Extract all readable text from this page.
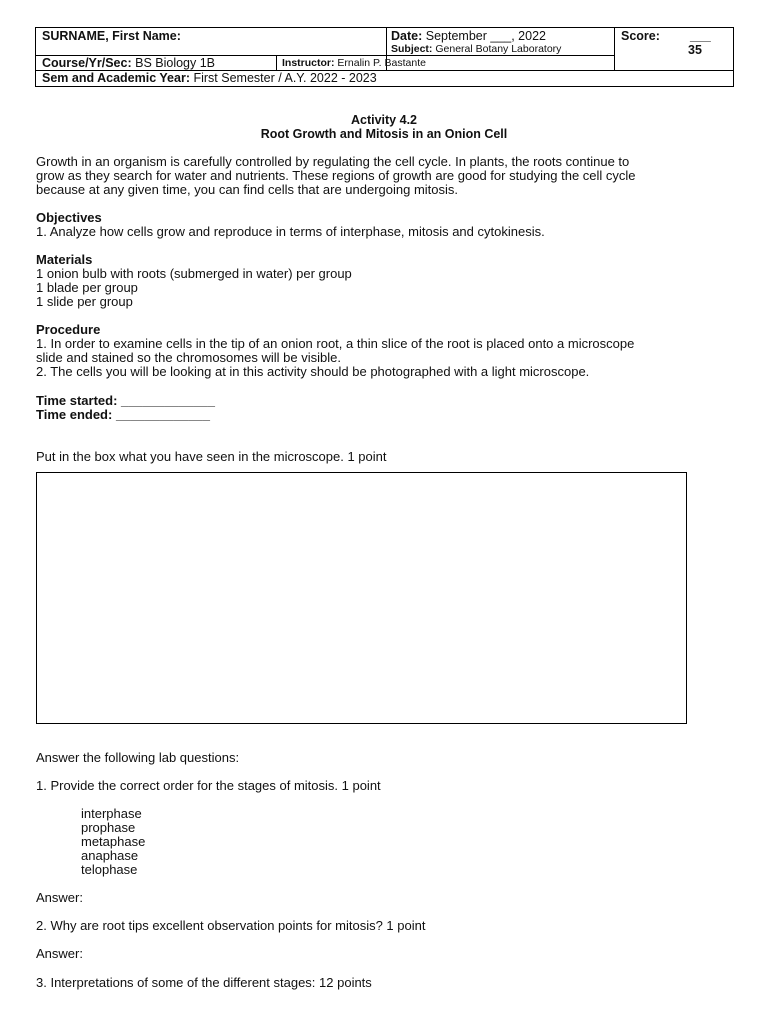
SURNAME, First Name:	Date: September ___, 2022
Subject: General Botany Laboratory
Score: ___
35
Course/Yr/Sec: BS Biology 1B	Instructor: Ernalin P. Bastante
Sem and Academic Year: First Semester / A.Y. 2022 - 2023
Activity 4.2
Root Growth and Mitosis in an Onion Cell
Growth in an organism is carefully controlled by regulating the cell cycle. In plants, the roots continue to
grow as they search for water and nutrients. These regions of growth are good for studying the cell cycle
because at any given time, you can find cells that are undergoing mitosis.
Objectives
1. Analyze how cells grow and reproduce in terms of interphase, mitosis and cytokinesis.
Materials
1 onion bulb with roots (submerged in water) per group
1 blade per group
1 slide per group
Procedure
1. In order to examine cells in the tip of an onion root, a thin slice of the root is placed onto a microscope
slide and stained so the chromosomes will be visible.
2. The cells you will be looking at in this activity should be photographed with a light microscope.
Time started: _____________
Time ended: _____________
Put in the box what you have seen in the microscope. 1 point
Answer the following lab questions:
1. Provide the correct order for the stages of mitosis. 1 point
interphase
prophase
metaphase
anaphase
telophase
Answer:
2. Why are root tips excellent observation points for mitosis? 1 point
Answer:
3. Interpretations of some of the different stages: 12 points
